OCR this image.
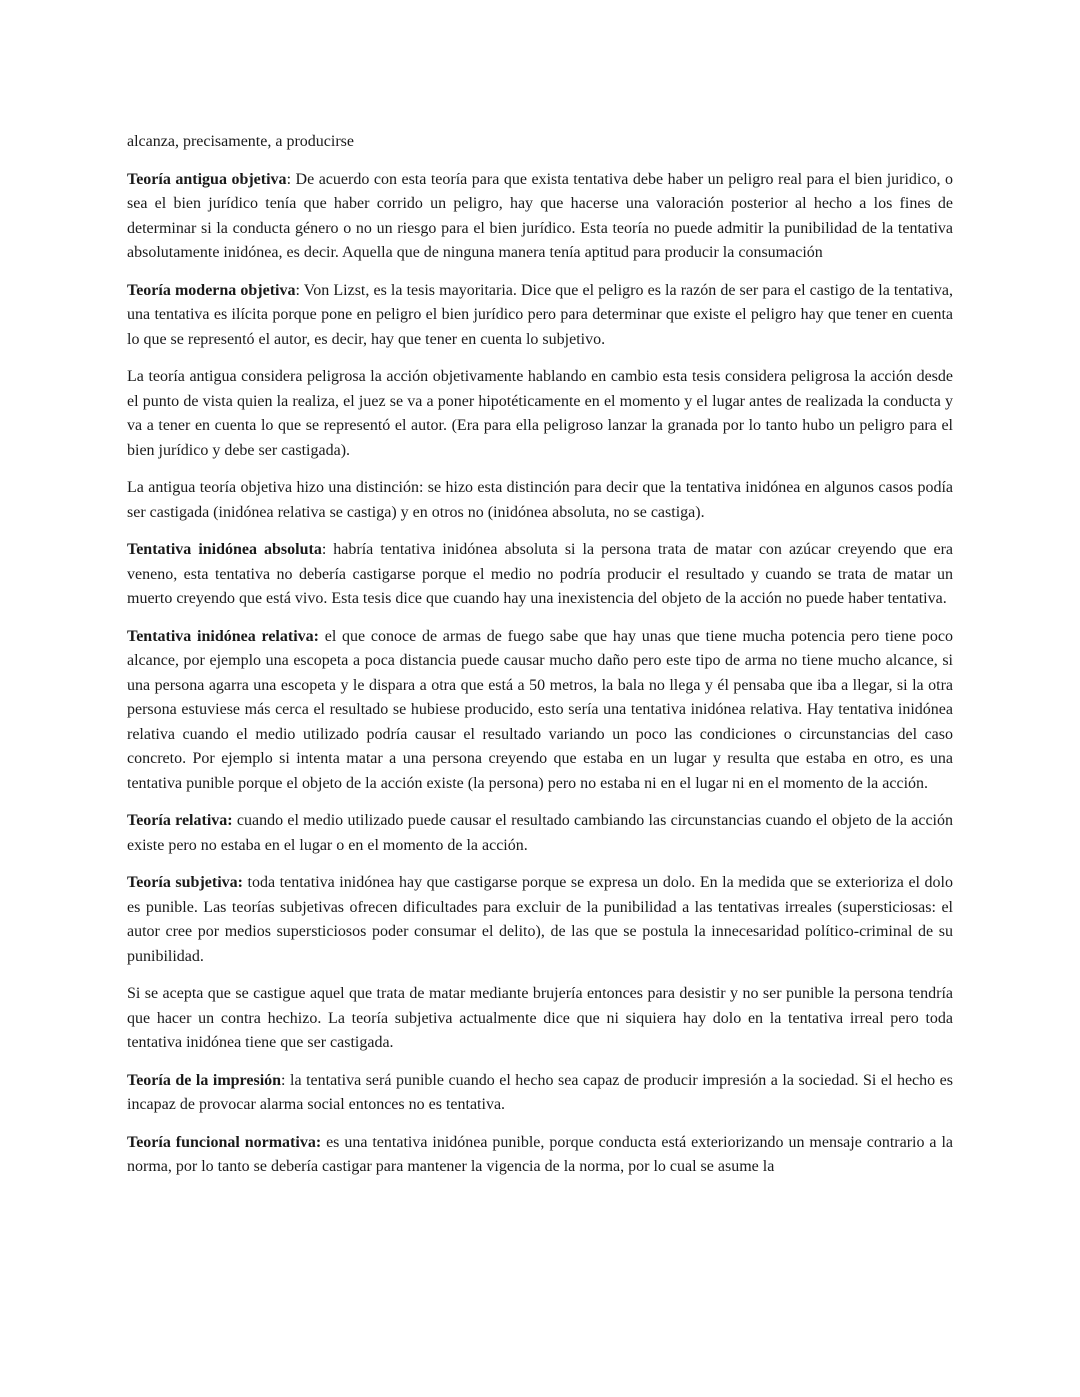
alcanza, precisamente, a producirse

Teoría antigua objetiva: De acuerdo con esta teoría para que exista tentativa debe haber un peligro real para el bien juridico, o sea el bien jurídico tenía que haber corrido un peligro, hay que hacerse una valoración posterior al hecho a los fines de determinar si la conducta género o no un riesgo para el bien jurídico. Esta teoría no puede admitir la punibilidad de la tentativa absolutamente inidónea, es decir. Aquella que de ninguna manera tenía aptitud para producir la consumación

Teoría moderna objetiva: Von Lizst, es la tesis mayoritaria. Dice que el peligro es la razón de ser para el castigo de la tentativa, una tentativa es ilícita porque pone en peligro el bien jurídico pero para determinar que existe el peligro hay que tener en cuenta lo que se representó el autor, es decir, hay que tener en cuenta lo subjetivo.

La teoría antigua considera peligrosa la acción objetivamente hablando en cambio esta tesis considera peligrosa la acción desde el punto de vista quien la realiza, el juez se va a poner hipotéticamente en el momento y el lugar antes de realizada la conducta y va a tener en cuenta lo que se representó el autor. (Era para ella peligroso lanzar la granada por lo tanto hubo un peligro para el bien jurídico y debe ser castigada).

La antigua teoría objetiva hizo una distinción: se hizo esta distinción para decir que la tentativa inidónea en algunos casos podía ser castigada (inidónea relativa se castiga) y en otros no (inidónea absoluta, no se castiga).

Tentativa inidónea absoluta: habría tentativa inidónea absoluta si la persona trata de matar con azúcar creyendo que era veneno, esta tentativa no debería castigarse porque el medio no podría producir el resultado y cuando se trata de matar un muerto creyendo que está vivo. Esta tesis dice que cuando hay una inexistencia del objeto de la acción no puede haber tentativa.

Tentativa inidónea relativa: el que conoce de armas de fuego sabe que hay unas que tiene mucha potencia pero tiene poco alcance, por ejemplo una escopeta a poca distancia puede causar mucho daño pero este tipo de arma no tiene mucho alcance, si una persona agarra una escopeta y le dispara a otra que está a 50 metros, la bala no llega y él pensaba que iba a llegar, si la otra persona estuviese más cerca el resultado se hubiese producido, esto sería una tentativa inidónea relativa. Hay tentativa inidónea relativa cuando el medio utilizado podría causar el resultado variando un poco las condiciones o circunstancias del caso concreto. Por ejemplo si intenta matar a una persona creyendo que estaba en un lugar y resulta que estaba en otro, es una tentativa punible porque el objeto de la acción existe (la persona) pero no estaba ni en el lugar ni en el momento de la acción.

Teoría relativa: cuando el medio utilizado puede causar el resultado cambiando las circunstancias cuando el objeto de la acción existe pero no estaba en el lugar o en el momento de la acción.

Teoría subjetiva: toda tentativa inidónea hay que castigarse porque se expresa un dolo. En la medida que se exterioriza el dolo es punible. Las teorías subjetivas ofrecen dificultades para excluir de la punibilidad a las tentativas irreales (supersticiosas: el autor cree por medios supersticiosos poder consumar el delito), de las que se postula la innecesaridad político-criminal de su punibilidad.

Si se acepta que se castigue aquel que trata de matar mediante brujería entonces para desistir y no ser punible la persona tendría que hacer un contra hechizo. La teoría subjetiva actualmente dice que ni siquiera hay dolo en la tentativa irreal pero toda tentativa inidónea tiene que ser castigada.

Teoría de la impresión: la tentativa será punible cuando el hecho sea capaz de producir impresión a la sociedad. Si el hecho es incapaz de provocar alarma social entonces no es tentativa.

Teoría funcional normativa: es una tentativa inidónea punible, porque conducta está exteriorizando un mensaje contrario a la norma, por lo tanto se debería castigar para mantener la vigencia de la norma, por lo cual se asume la
